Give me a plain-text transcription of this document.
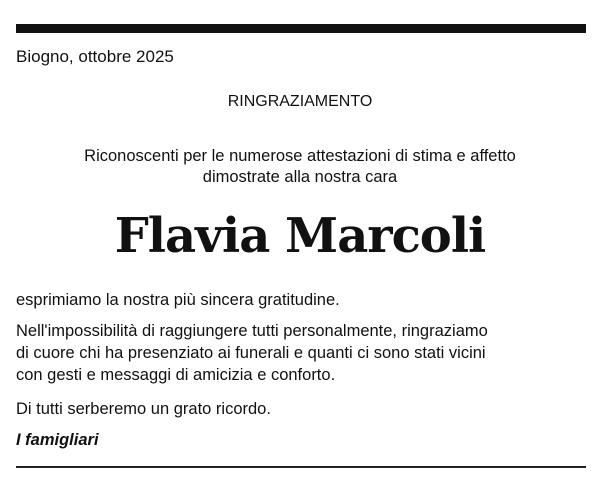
Biogno, ottobre 2025
RINGRAZIAMENTO
Riconoscenti per le numerose attestazioni di stima e affetto
dimostrate alla nostra cara
Flavia Marcoli
esprimiamo la nostra più sincera gratitudine.
Nell'impossibilità di raggiungere tutti personalmente, ringraziamo
di cuore chi ha presenziato ai funerali e quanti ci sono stati vicini
con gesti e messaggi di amicizia e conforto.
Di tutti serberemo un grato ricordo.
I famigliari
